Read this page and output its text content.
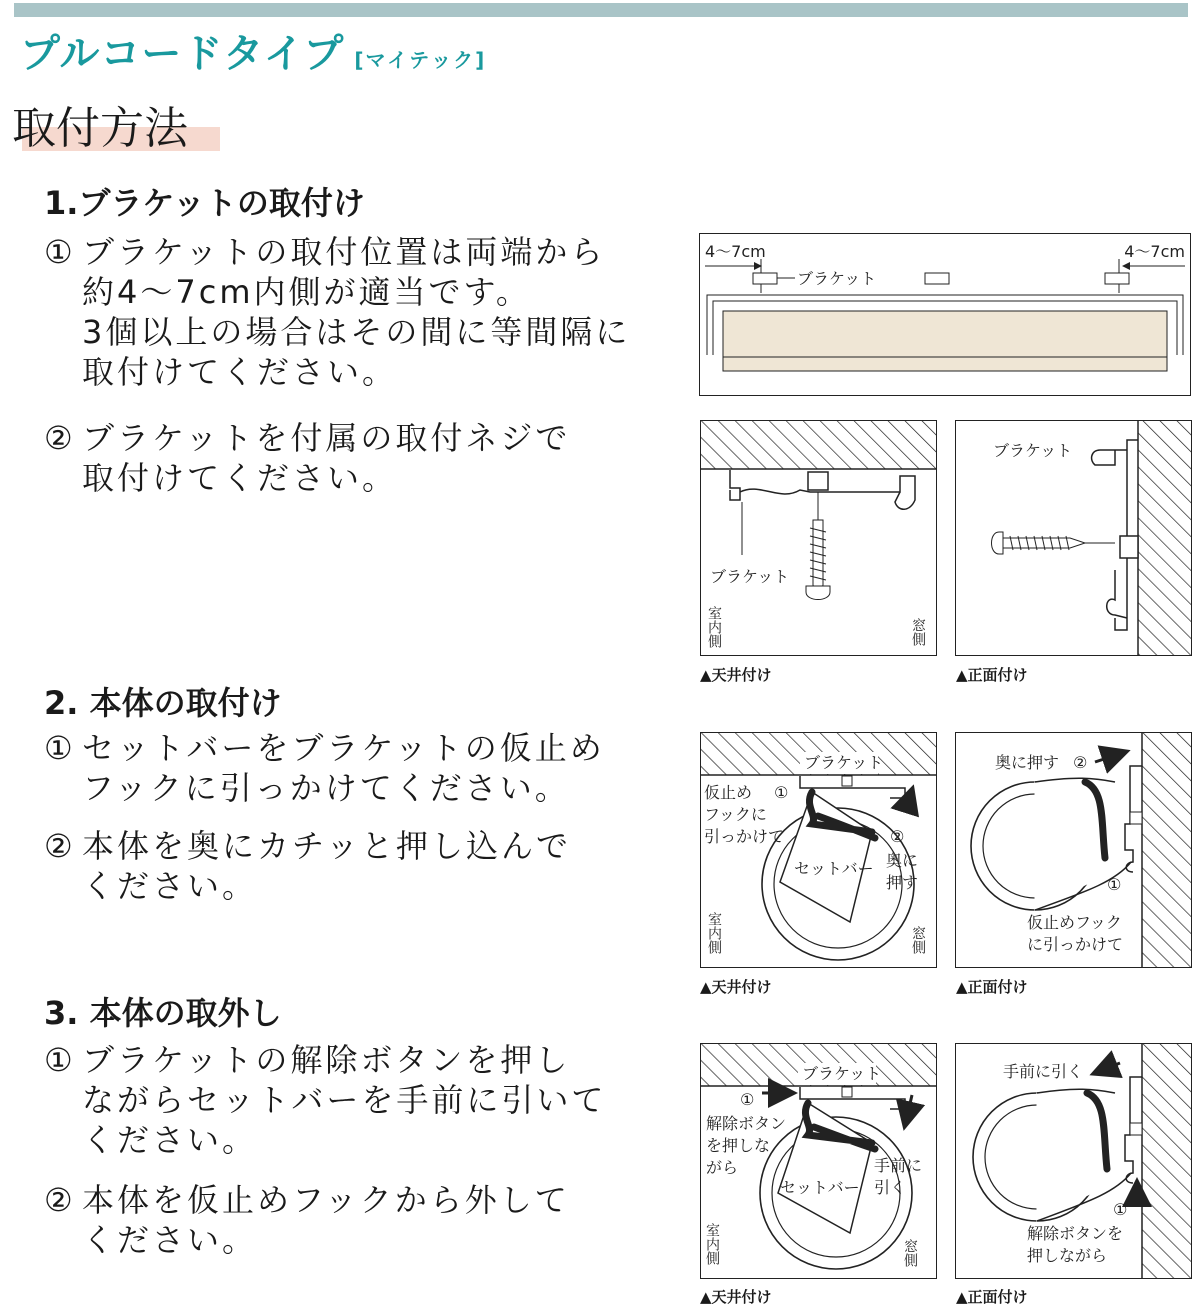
プルコードタイプ [マイテック]
取付方法
1.ブラケットの取付け
① ブラケットの取付位置は両端から
約4〜7cm内側が適当です。
3個以上の場合はその間に等間隔に
取付けてください。
② ブラケットを付属の取付ネジで
取付けてください。
2. 本体の取付け
① セットバーをブラケットの仮止め
フックに引っかけてください。
② 本体を奥にカチッと押し込んで
ください。
3. 本体の取外し
① ブラケットの解除ボタンを押し
ながらセットバーを手前に引いて
ください。
② 本体を仮止めフックから外して
ください。
4〜7cm	4〜7cm
ブラケット
ブラケット
室内側	窓側
▲天井付け
ブラケット
▲正面付け
ブラケット
仮止め
フックに
引っかけて
①
②
セットバー 奥に
押す
室内側	窓側
▲天井付け
奥に押す ②
①
仮止めフック
に引っかけて
▲正面付け
ブラケット
①
解除ボタン
を押しな
がら
セットバー
手前に
引く
室内側	窓側
▲天井付け
手前に引く
①
解除ボタンを
押しながら
▲正面付け
